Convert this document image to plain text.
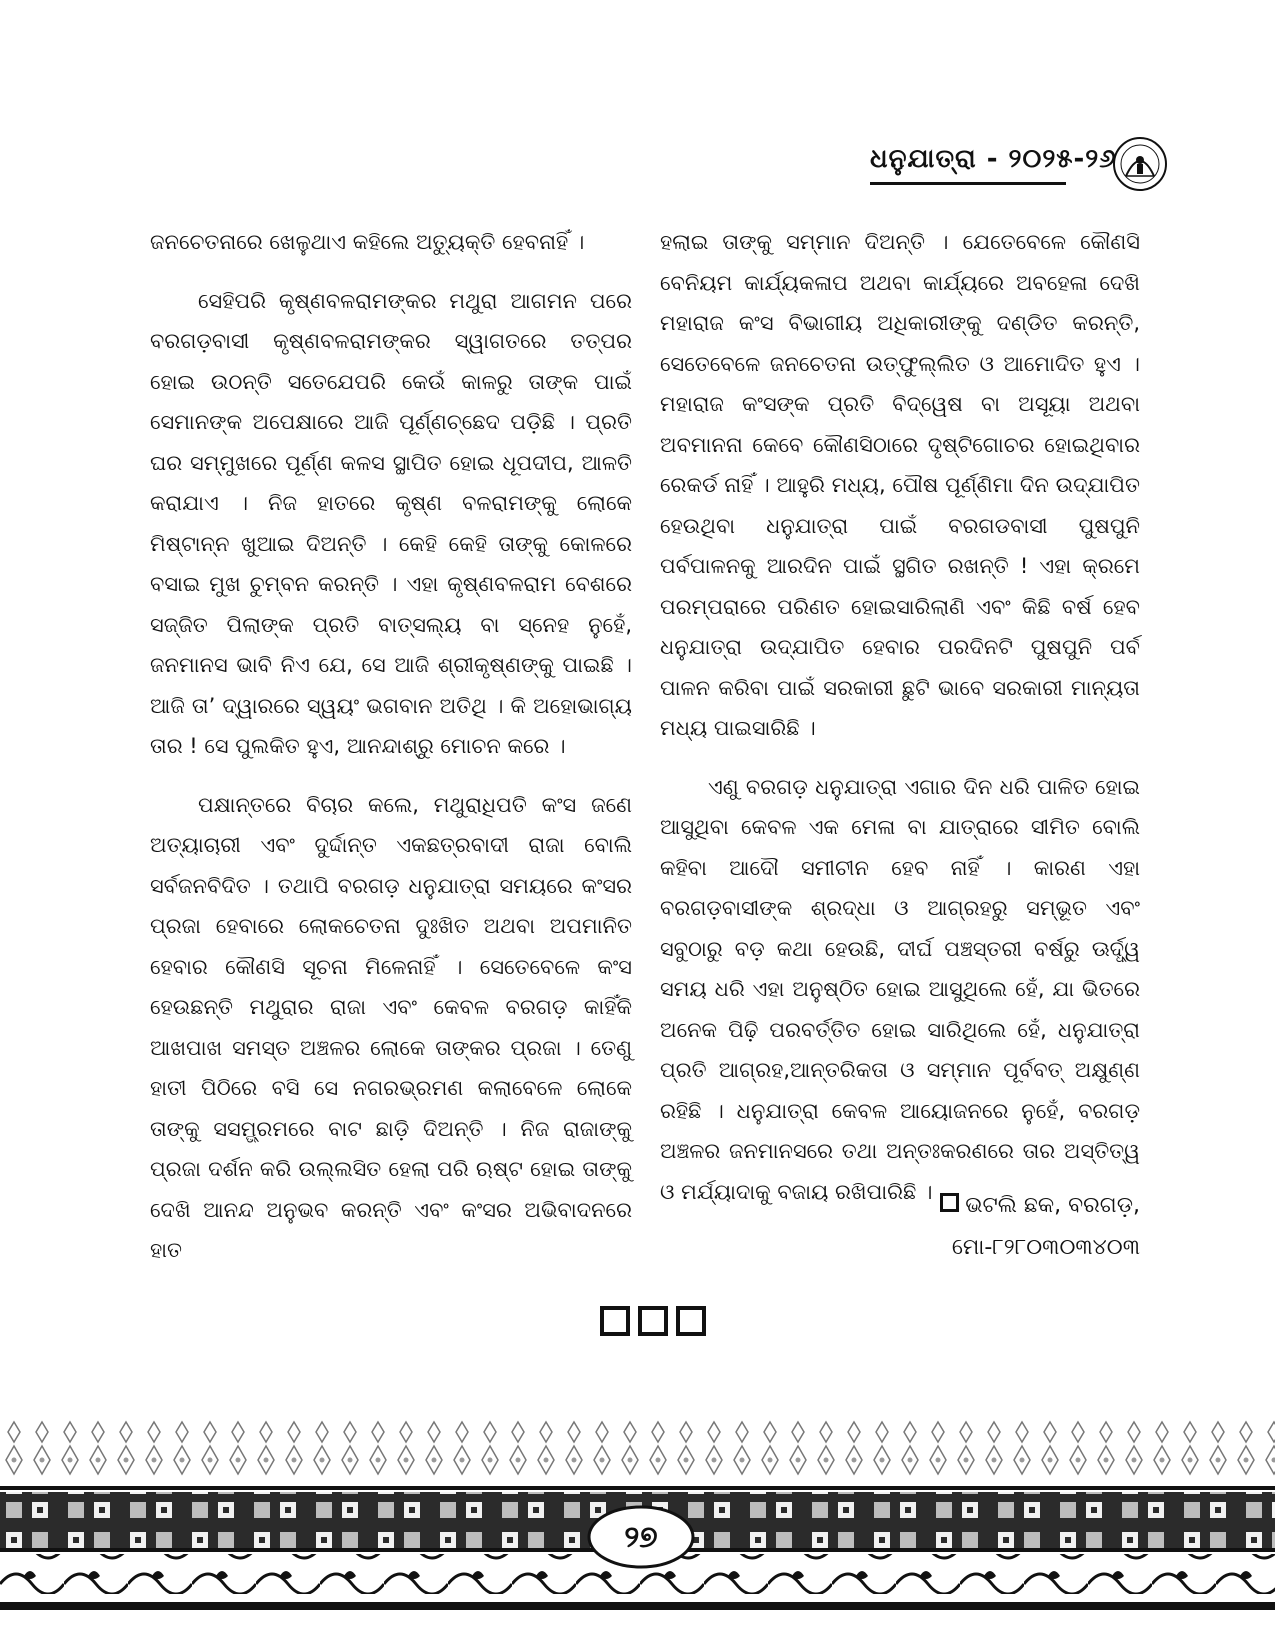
ଧନୁଯାତ୍ରା - ୨୦୨୫-୨୬

ଜନଚେତନାରେ ଖେଳୁଥାଏ କହିଲେ ଅତ୍ୟୁକ୍ତି ହେବନାହିଁ ।

ସେହିପରି କୃଷ୍ଣବଳରାମଙ୍କର ମଥୁରା ଆଗମନ ପରେ ବରଗଡ଼ବାସୀ କୃଷ୍ଣବଳରାମଙ୍କର ସ୍ୱାଗତରେ ତତ୍ପର ହୋଇ ଉଠନ୍ତି ସତେଯେପରି କେଉଁ କାଳରୁ ତାଙ୍କ ପାଇଁ ସେମାନଙ୍କ ଅପେକ୍ଷାରେ ଆଜି ପୂର୍ଣ୍ଣଚ୍ଛେଦ ପଡ଼ିଛି । ପ୍ରତି ଘର ସମ୍ମୁଖରେ ପୂର୍ଣ୍ଣ କଳସ ସ୍ଥାପିତ ହୋଇ ଧୂପଦୀପ, ଆଳତି କରାଯାଏ । ନିଜ ହାତରେ କୃଷ୍ଣ ବଳରାମଙ୍କୁ ଲୋକେ ମିଷ୍ଟାନ୍ନ ଖୁଆଇ ଦିଅନ୍ତି । କେହି କେହି ତାଙ୍କୁ କୋଳରେ ବସାଇ ମୁଖ ଚୁମ୍ବନ କରନ୍ତି । ଏହା କୃଷ୍ଣବଳରାମ ବେଶରେ ସଜ୍ଜିତ ପିଲାଙ୍କ ପ୍ରତି ବାତ୍ସଲ୍ୟ ବା ସ୍ନେହ ନୁହେଁ, ଜନମାନସ ଭାବି ନିଏ ଯେ, ସେ ଆଜି ଶ୍ରୀକୃଷ୍ଣଙ୍କୁ ପାଇଛି । ଆଜି ତା’ ଦ୍ୱାରରେ ସ୍ୱୟଂ ଭଗବାନ ଅତିଥି । କି ଅହୋଭାଗ୍ୟ ତାର ! ସେ ପୁଲକିତ ହୁଏ, ଆନନ୍ଦାଶ୍ରୁ ମୋଚନ କରେ ।

ପକ୍ଷାନ୍ତରେ ବିଚାର କଲେ, ମଥୁରାଧିପତି କଂସ ଜଣେ ଅତ୍ୟାଚାରୀ ଏବଂ ଦୁର୍ଦ୍ଦାନ୍ତ ଏକଛତ୍ରବାଦୀ ରାଜା ବୋଲି ସର୍ବଜନବିଦିତ । ତଥାପି ବରଗଡ଼ ଧନୁଯାତ୍ରା ସମୟରେ କଂସର ପ୍ରଜା ହେବାରେ ଲୋକଚେତନା ଦୁଃଖିତ ଅଥବା ଅପମାନିତ ହେବାର କୌଣସି ସୂଚନା ମିଳେନାହିଁ । ସେତେବେଳେ କଂସ ହେଉଛନ୍ତି ମଥୁରାର ରାଜା ଏବଂ କେବଳ ବରଗଡ଼ କାହିଁକି ଆଖପାଖ ସମସ୍ତ ଅଞ୍ଚଳର ଲୋକେ ତାଙ୍କର ପ୍ରଜା । ତେଣୁ ହାତୀ ପିଠିରେ ବସି ସେ ନଗରଭ୍ରମଣ କଲାବେଳେ ଲୋକେ ତାଙ୍କୁ ସସମ୍ଭ୍ରମରେ ବାଟ ଛାଡ଼ି ଦିଅନ୍ତି । ନିଜ ରାଜାଙ୍କୁ ପ୍ରଜା ଦର୍ଶନ କରି ଉଲ୍ଲସିତ ହେଲା ପରି ଋଷ୍ଟ ହୋଇ ତାଙ୍କୁ ଦେଖି ଆନନ୍ଦ ଅନୁଭବ କରନ୍ତି ଏବଂ କଂସର ଅଭିବାଦନରେ ହାତ

ହଲାଇ ତାଙ୍କୁ ସମ୍ମାନ ଦିଅନ୍ତି । ଯେତେବେଳେ କୌଣସି ବେନିୟମ କାର୍ଯ୍ୟକଳାପ ଅଥବା କାର୍ଯ୍ୟରେ ଅବହେଳା ଦେଖି ମହାରାଜ କଂସ ବିଭାଗୀୟ ଅଧିକାରୀଙ୍କୁ ଦଣ୍ଡିତ କରନ୍ତି, ସେତେବେଳେ ଜନଚେତନା ଉତ୍‌ଫୁଲ୍ଲିତ ଓ ଆମୋଦିତ ହୁଏ । ମହାରାଜ କଂସଙ୍କ ପ୍ରତି ବିଦ୍ୱେଷ ବା ଅସୂୟା ଅଥବା ଅବମାନନା କେବେ କୌଣସିଠାରେ ଦୃଷ୍ଟିଗୋଚର ହୋଇଥିବାର ରେକର୍ଡ ନାହିଁ । ଆହୁରି ମଧ୍ୟ, ପୌଷ ପୂର୍ଣ୍ଣିମା ଦିନ ଉଦ୍‌ଯାପିତ ହେଉଥିବା ଧନୁଯାତ୍ରା ପାଇଁ ବରଗଡବାସୀ ପୁଷପୁନି ପର୍ବପାଳନକୁ ଆରଦିନ ପାଇଁ ସ୍ଥଗିତ ରଖନ୍ତି ! ଏହା କ୍ରମେ ପରମ୍ପରାରେ ପରିଣତ ହୋଇସାରିଲାଣି ଏବଂ କିଛି ବର୍ଷ ହେବ ଧନୁଯାତ୍ରା ଉଦ୍‌ଯାପିତ ହେବାର ପରଦିନଟି ପୁଷପୁନି ପର୍ବ ପାଳନ କରିବା ପାଇଁ ସରକାରୀ ଛୁଟି ଭାବେ ସରକାରୀ ମାନ୍ୟତା ମଧ୍ୟ ପାଇସାରିଛି ।

ଏଣୁ ବରଗଡ଼ ଧନୁଯାତ୍ରା ଏଗାର ଦିନ ଧରି ପାଳିତ ହୋଇ ଆସୁଥିବା କେବଳ ଏକ ମେଳା ବା ଯାତ୍ରାରେ ସୀମିତ ବୋଲି କହିବା ଆଦୌ ସମୀଚୀନ ହେବ ନାହିଁ । କାରଣ ଏହା ବରଗଡ଼ବାସୀଙ୍କ ଶ୍ରଦ୍ଧା ଓ ଆଗ୍ରହରୁ ସମ୍ଭୂତ ଏବଂ ସବୁଠାରୁ ବଡ଼ କଥା ହେଉଛି, ଦୀର୍ଘ ପଞ୍ଚସ୍ତରୀ ବର୍ଷରୁ ଊର୍ଦ୍ଧ୍ୱ ସମୟ ଧରି ଏହା ଅନୁଷ୍ଠିତ ହୋଇ ଆସୁଥିଲେ ହେଁ, ଯା ଭିତରେ ଅନେକ ପିଢ଼ି ପରବର୍ତ୍ତିତ ହୋଇ ସାରିଥିଲେ ହେଁ, ଧନୁଯାତ୍ରା ପ୍ରତି ଆଗ୍ରହ,ଆନ୍ତରିକତା ଓ ସମ୍ମାନ ପୂର୍ବବତ୍ ଅକ୍ଷୁଣ୍ଣ ରହିଛି । ଧନୁଯାତ୍ରା କେବଳ ଆୟୋଜନରେ ନୁହେଁ, ବରଗଡ଼ ଅଞ୍ଚଳର ଜନମାନସରେ ତଥା ଅନ୍ତଃକରଣରେ ତାର ଅସ୍ତିତ୍ୱ ଓ ମର୍ଯ୍ୟାଦାକୁ ବଜାୟ ରଖିପାରିଛି ।

ଭଟଲି ଛକ, ବରଗଡ଼,
ମୋ-୮୨୮୦୩୦୩୪୦୩
୨୭
